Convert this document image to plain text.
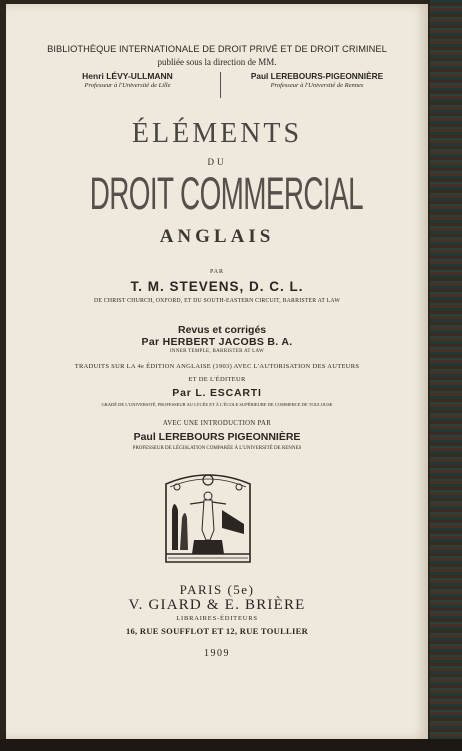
BIBLIOTHÈQUE INTERNATIONALE DE DROIT PRIVÉ ET DE DROIT CRIMINEL
publiée sous la direction de MM.
Henri LÉVY-ULLMANN
Professeur à l'Université de Lille
Paul LEREBOURS-PIGEONNIÈRE
Professeur à l'Université de Rennes
ÉLÉMENTS
DU
DROIT COMMERCIAL
ANGLAIS
PAR
T. M. STEVENS, D. C. L.
DE CHRIST CHURCH, OXFORD, ET DU SOUTH-EASTERN CIRCUIT, BARRISTER AT LAW
Revus et corrigés
Par HERBERT JACOBS B. A.
INNER TEMPLE, BARRISTER AT LAW
TRADUITS SUR LA 4e ÉDITION ANGLAISE (1903) AVEC L'AUTORISATION DES AUTEURS
ET DE L'ÉDITEUR
Par L. ESCARTI
GRADÉ DE L'UNIVERSITÉ, PROFESSEUR AU LYCÉE ET À L'ÉCOLE SUPÉRIEURE DE COMMERCE DE TOULOUSE
AVEC UNE INTRODUCTION PAR
Paul LEREBOURS PIGEONNIÈRE
PROFESSEUR DE LÉGISLATION COMPARÉE À L'UNIVERSITÉ DE RENNES
PARIS (5e)
V. GIARD & E. BRIÈRE
LIBRAIRES-ÉDITEURS
16, RUE SOUFFLOT ET 12, RUE TOULLIER
1909
